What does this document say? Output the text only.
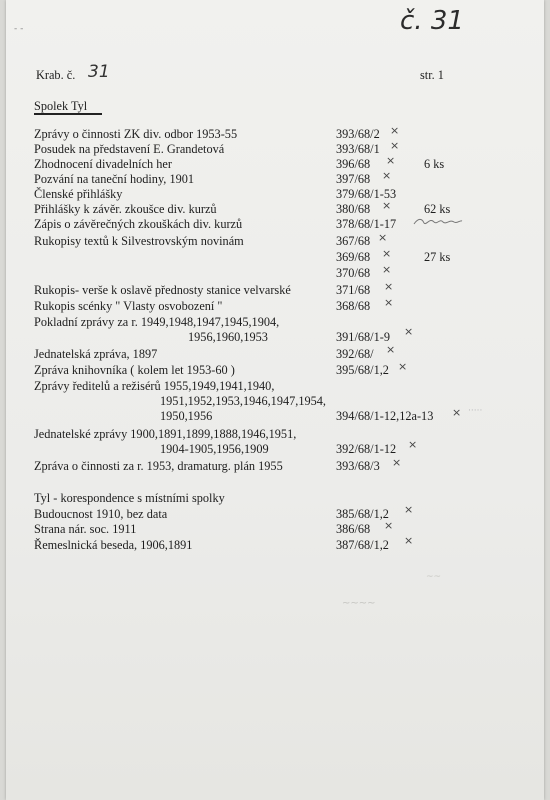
č. 31
- -
Krab. č. 31	str. 1
Spolek Tyl
Zprávy o činnosti ZK div. odbor 1953-55	393/68/2 ×
Posudek na představení E. Grandetová	393/68/1 ×
Zhodnocení divadelních her	396/68 × 6 ks
Pozvání na taneční hodiny, 1901	397/68 ×
Členské přihlášky	379/68/1-53
Přihlášky k závěr. zkoušce div. kurzů	380/68 ×	62 ks
Zápis o závěrečných zkouškách div. kurzů	378/68/1-17
Rukopisy textů k Silvestrovským novinám	367/68 ×
369/68 ×	27 ks
370/68 ×
Rukopis- verše k oslavě přednosty stanice velvarské	371/68 ×
Rukopis scénky " Vlasty osvobození "	368/68 ×
Pokladní zprávy za r. 1949,1948,1947,1945,1904,
1956,1960,1953	391/68/1-9 ×
Jednatelská zpráva, 1897	392/68/ ×
Zpráva knihovníka ( kolem let 1953-60 )	395/68/1,2 ×
Zprávy ředitelů a režisérů 1955,1949,1941,1940,
1951,1952,1953,1946,1947,1954,
1950,1956	394/68/1-12,12a-13 × ·····
Jednatelské zprávy 1900,1891,1899,1888,1946,1951,
1904-1905,1956,1909	392/68/1-12 ×
Zpráva o činnosti za r. 1953, dramaturg. plán 1955	393/68/3 ×
Tyl - korespondence s místními spolky
Budoucnost 1910, bez data	385/68/1,2 ×
Strana nár. soc. 1911	386/68 ×
Řemeslnická beseda, 1906,1891	387/68/1,2 ×
~~~~
~~
